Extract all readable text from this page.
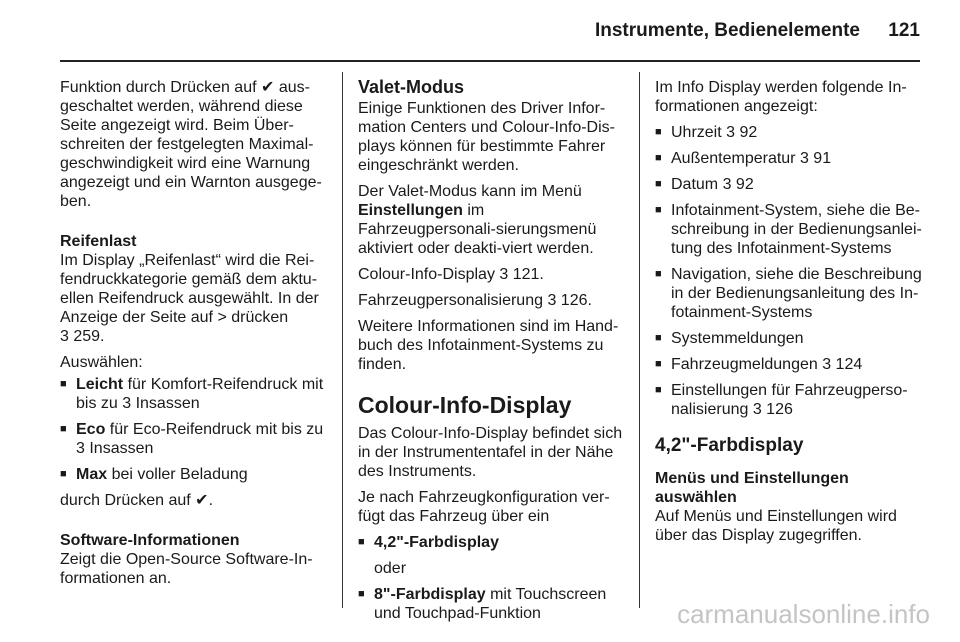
Instrumente, Bedienelemente 121

Funktion durch Drücken auf ✔ aus-geschaltet werden, während diese Seite angezeigt wird. Beim Über-schreiten der festgelegten Maximal-geschwindigkeit wird eine Warnung angezeigt und ein Warnton ausgege-ben.

Reifenlast

Im Display „Reifenlast“ wird die Rei-fendruckkategorie gemäß dem aktu-ellen Reifendruck ausgewählt. In der Anzeige der Seite auf > drücken

3 259.

Auswählen:

■ Leicht für Komfort-Reifendruck mit bis zu 3 Insassen
■ Eco für Eco-Reifendruck mit bis zu 3 Insassen
■ Max bei voller Beladung

durch Drücken auf ✔.

Software-Informationen

Zeigt die Open-Source Software-In-formationen an.

Valet-Modus

Einige Funktionen des Driver Infor-mation Centers und Colour-Info-Dis-plays können für bestimmte Fahrer eingeschränkt werden.

Der Valet-Modus kann im Menü Einstellungen im Fahrzeugpersonali-sierungsmenü aktiviert oder deakti-viert werden.

Colour-Info-Display 3 121.

Fahrzeugpersonalisierung 3 126.

Weitere Informationen sind im Hand-buch des Infotainment-Systems zu finden.

Colour-Info-Display

Das Colour-Info-Display befindet sich in der Instrumententafel in der Nähe des Instruments.

Je nach Fahrzeugkonfiguration ver-fügt das Fahrzeug über ein

■ 4,2"-Farbdisplay

oder

■ 8"-Farbdisplay mit Touchscreen und Touchpad-Funktion

Im Info Display werden folgende In-formationen angezeigt:

■ Uhrzeit 3 92
■ Außentemperatur 3 91
■ Datum 3 92
■ Infotainment-System, siehe die Be-schreibung in der Bedienungsanlei-tung des Infotainment-Systems
■ Navigation, siehe die Beschreibung in der Bedienungsanleitung des In-fotainment-Systems
■ Systemmeldungen
■ Fahrzeugmeldungen 3 124
■ Einstellungen für Fahrzeugperso-nalisierung 3 126

4,2"-Farbdisplay

Menüs und Einstellungen auswählen

Auf Menüs und Einstellungen wird über das Display zugegriffen.

carmanualsonline.info
